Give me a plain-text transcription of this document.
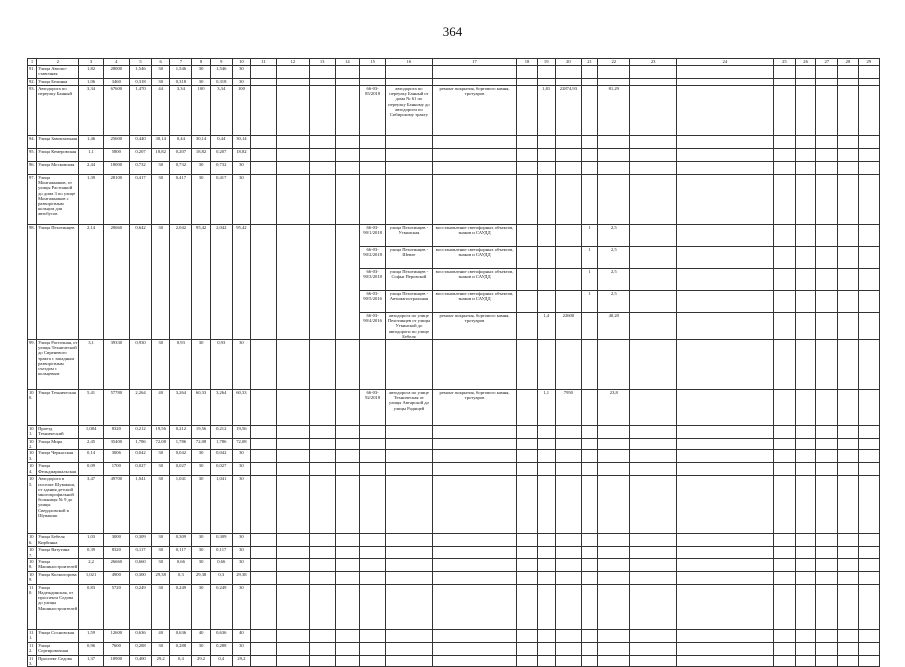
364
1	2	3	4	5	6	7	8	9	10	11	12	13	14	15	16	17	18	19	20	21	22	23	24	25	26	27	28	29
91.	Улица Автопо-ставочная	1,82	28000	1,546	30	1,546	30	1,546	30																			
92.	Улица Белинка	1,06	3460	0,318	30	0,318	30	0,318	30																			
93.	Автодорога по переулку Банный	3,34	67600	1,470	44	3,34	100	3,34	100					66-03-85/2018	автодорога по переулку Банный от дома № 61 по переулку Банному до автодороги по Сибирскому тракту	ремонт покрытия, бортового камня, тротуаров		1,81	22874,93		81,29							
94.	Улица Завокзальная	1,46	25600	0,440	30,14	0,44	30,14	0,44	30,14																			
95.	Улица Кемеровская	1,1	5800	0,207	18,82	0,207	18,82	0,207	18,82																			
96.	Улица Московская	2,44	18000	0,732	30	0,732	30	0,732	30																			
97.	Улица Монтажников, от улицы Растонной до дома 3 по улице Монтажников с разворотным кольцом для автобусов	1,39	28100	0,417	30	0,417	30	0,417	30																			
98.	Улица Пехотинцев	2,14	20660	0,642	30	2,042	95,42	2,042	95,42					66-03-90/1/2018	улица Пехотинцев - Уткинская	восстановление светофорных объектов, знаков и САУДД				1	2,5							
														66-03-90/2/2018	улица Пехотинцев - Шевле	восстановление светофорных объектов, знаков и САУДД				1	2,5							
														66-03-90/3/2018	улица Пехотинцев - Софьи Перовской	восстановление светофорных объектов, знаков и САУДД				1	2,5							
														66-03-90/5/2016	улица Пехотинцев - Автомагистральная	восстановление светофорных объектов, знаков и САУДД				1	2,5							
														66-03-90/4/2016	автодорога по улице Пехотинцев от улицы Уткинской до автодороги по улице Бебеля	ремонт покрытия, бортового камня, тротуаров		1,4	22600		40,20							
99.	Улица Расточная, от улицы Технической до Сиреневого тракта с западным разворотным съездом с кольцевым	3,1	39330	0,930	30	0,93	30	0,93	30																			
100.	Улица Техническая	5,41	57780	2,264	40	3,264	60,33	3,264	60,33					66-03-92/2018	автодорога по улице Техническая от улицы Автарской до улицы Родящей	ремонт покрытия, бортового камня, тротуаров		1,1	7950		23,8							
101.	Проезд Технический	1,084	8320	0,212	19,56	0,212	19,56	0,212	19,56																			
102.	Улица Мира	2,45	35400	1,786	72,08	1,786	72,08	1,786	72,08																			
103.	Улица Черкасская	0,14	3006	0,042	30	0,042	30	0,042	30																			
104.	Улица Фельдмаршальская	0,09	1700	0,027	30	0,027	30	0,027	30																			
105.	Автодорога в поселке Шувакиш, от здания детской многопрофильной больницы № 9 до улицы Свердловской в Шувакиш	3,47	49700	1,041	30	1,041	30	1,041	30																			
106.	Улица Бебеля Кирбинка	1,03	3000	0,309	30	0,309	30	0,309	30																			
107.	Улица Ватутина	0,39	8320	0,117	30	0,117	30	0,117	30																			
108.	Улица Машиностроителей	2,2	26660	0,660	30	0,66	30	0,66	30																			
109.	Улица Колмогорова	1,021	4900	0,300	29,38	0,3	29,38	0,3	29,38																			
110.	Улица Надеждинская, от проспекта Седова до улицы Машиностроителей	0,83	5720	0,249	30	0,249	30	0,249	30																			
111.	Улица Сосновская	1,59	12600	0,636	40	0,636	40	0,636	40																			
112.	Улица Сортировочная	0,96	7600	0,288	30	0,288	30	0,288	30																			
113.	Проспект Седова	1,37	18900	0,400	29,2	0,4	29,2	0,4	29,2																			
